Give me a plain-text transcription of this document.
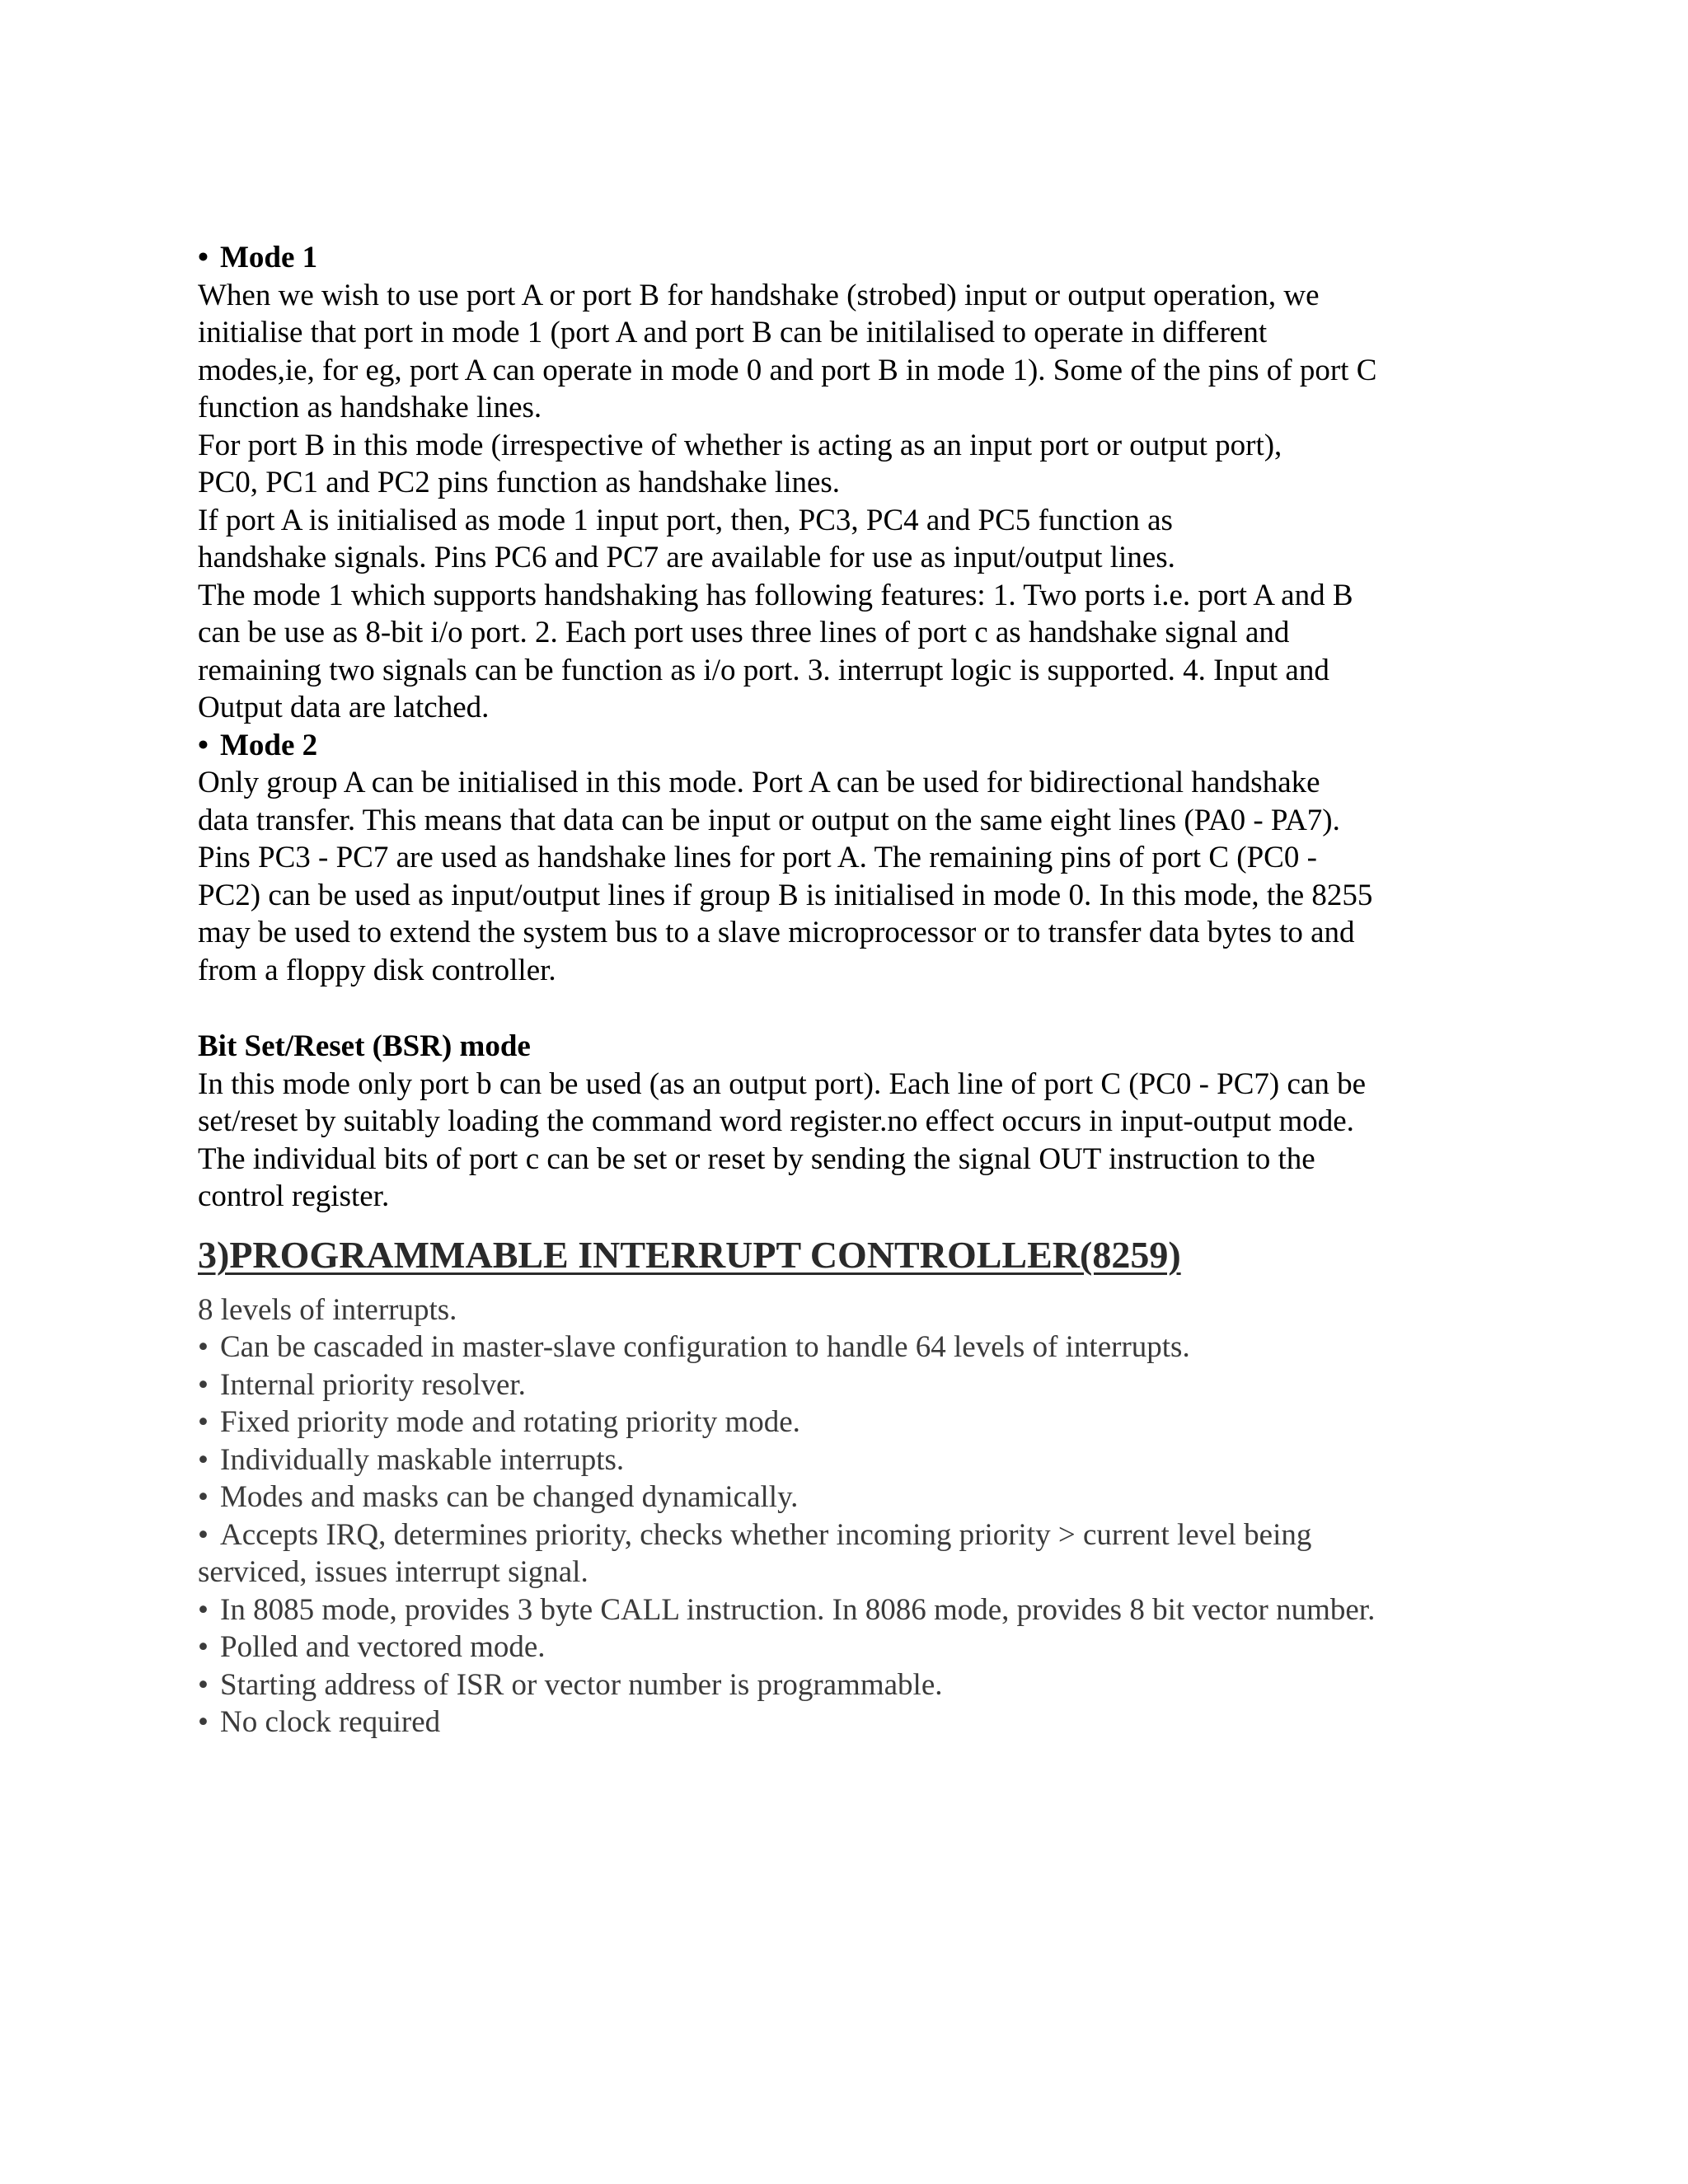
• Mode 1
When we wish to use port A or port B for handshake (strobed) input or output operation, we
initialise that port in mode 1 (port A and port B can be initilalised to operate in different
modes,ie, for eg, port A can operate in mode 0 and port B in mode 1). Some of the pins of port C
function as handshake lines.
For port B in this mode (irrespective of whether is acting as an input port or output port),
PC0, PC1 and PC2 pins function as handshake lines.
If port A is initialised as mode 1 input port, then, PC3, PC4 and PC5 function as
handshake signals. Pins PC6 and PC7 are available for use as input/output lines.
The mode 1 which supports handshaking has following features: 1. Two ports i.e. port A and B
can be use as 8-bit i/o port. 2. Each port uses three lines of port c as handshake signal and
remaining two signals can be function as i/o port. 3. interrupt logic is supported. 4. Input and
Output data are latched.
• Mode 2
Only group A can be initialised in this mode. Port A can be used for bidirectional handshake
data transfer. This means that data can be input or output on the same eight lines (PA0 - PA7).
Pins PC3 - PC7 are used as handshake lines for port A. The remaining pins of port C (PC0 -
PC2) can be used as input/output lines if group B is initialised in mode 0. In this mode, the 8255
may be used to extend the system bus to a slave microprocessor or to transfer data bytes to and
from a floppy disk controller.
Bit Set/Reset (BSR) mode
In this mode only port b can be used (as an output port). Each line of port C (PC0 - PC7) can be
set/reset by suitably loading the command word register.no effect occurs in input-output mode.
The individual bits of port c can be set or reset by sending the signal OUT instruction to the
control register.
3)PROGRAMMABLE INTERRUPT CONTROLLER(8259)
8 levels of interrupts.
• Can be cascaded in master-slave configuration to handle 64 levels of interrupts.
• Internal priority resolver.
• Fixed priority mode and rotating priority mode.
• Individually maskable interrupts.
• Modes and masks can be changed dynamically.
• Accepts IRQ, determines priority, checks whether incoming priority > current level being
serviced, issues interrupt signal.
• In 8085 mode, provides 3 byte CALL instruction. In 8086 mode, provides 8 bit vector number.
• Polled and vectored mode.
• Starting address of ISR or vector number is programmable.
• No clock required
